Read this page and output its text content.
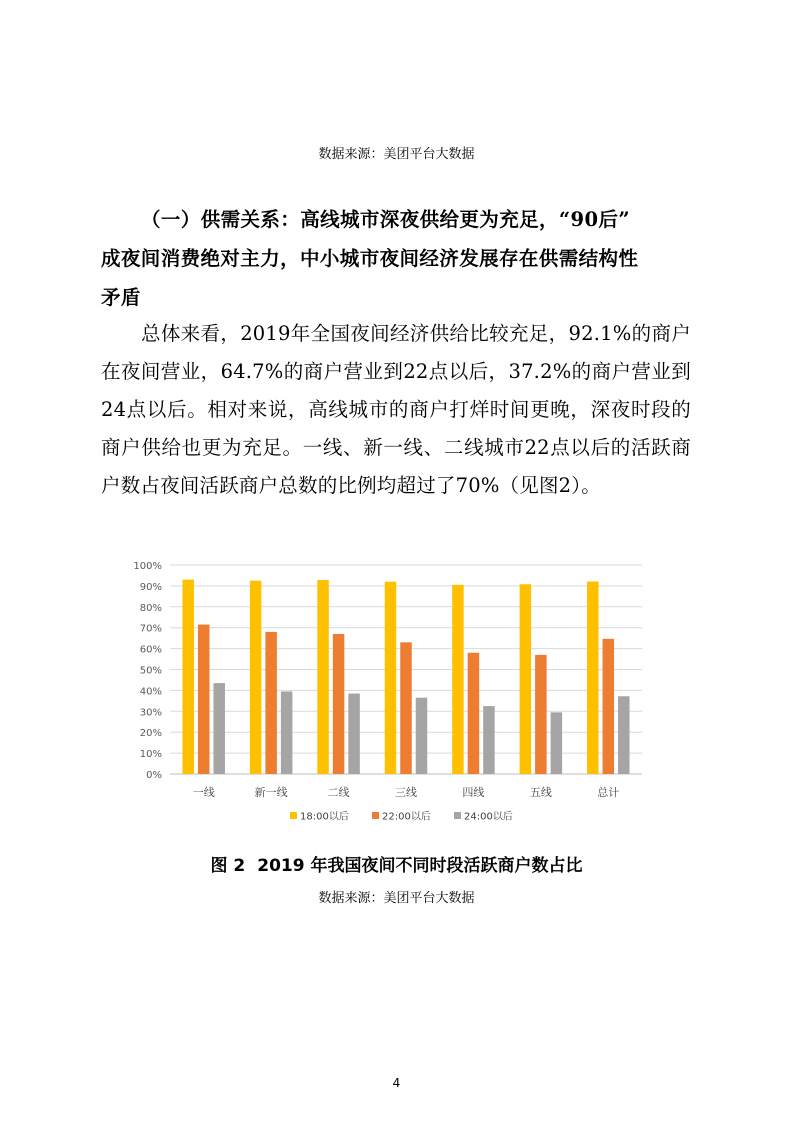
数据来源：美团平台大数据
（一）供需关系：高线城市深夜供给更为充足，“90后”
成夜间消费绝对主力，中小城市夜间经济发展存在供需结构性
矛盾

总体来看，2019年全国夜间经济供给比较充足，92.1%的商户在夜间营业，64.7%的商户营业到22点以后，37.2%的商户营业到24点以后。相对来说，高线城市的商户打烊时间更晚，深夜时段的商户供给也更为充足。一线、新一线、二线城市22点以后的活跃商户数占夜间活跃商户总数的比例均超过了70%（见图2）。

0%
10%
20%
30%
40%
50%
60%
70%
80%
90%
100%
一线	新一线	二线	三线	四线	五线	总计
18:00以后	22:00以后	24:00以后
图 2 2019 年我国夜间不同时段活跃商户数占比
数据来源：美团平台大数据
4
